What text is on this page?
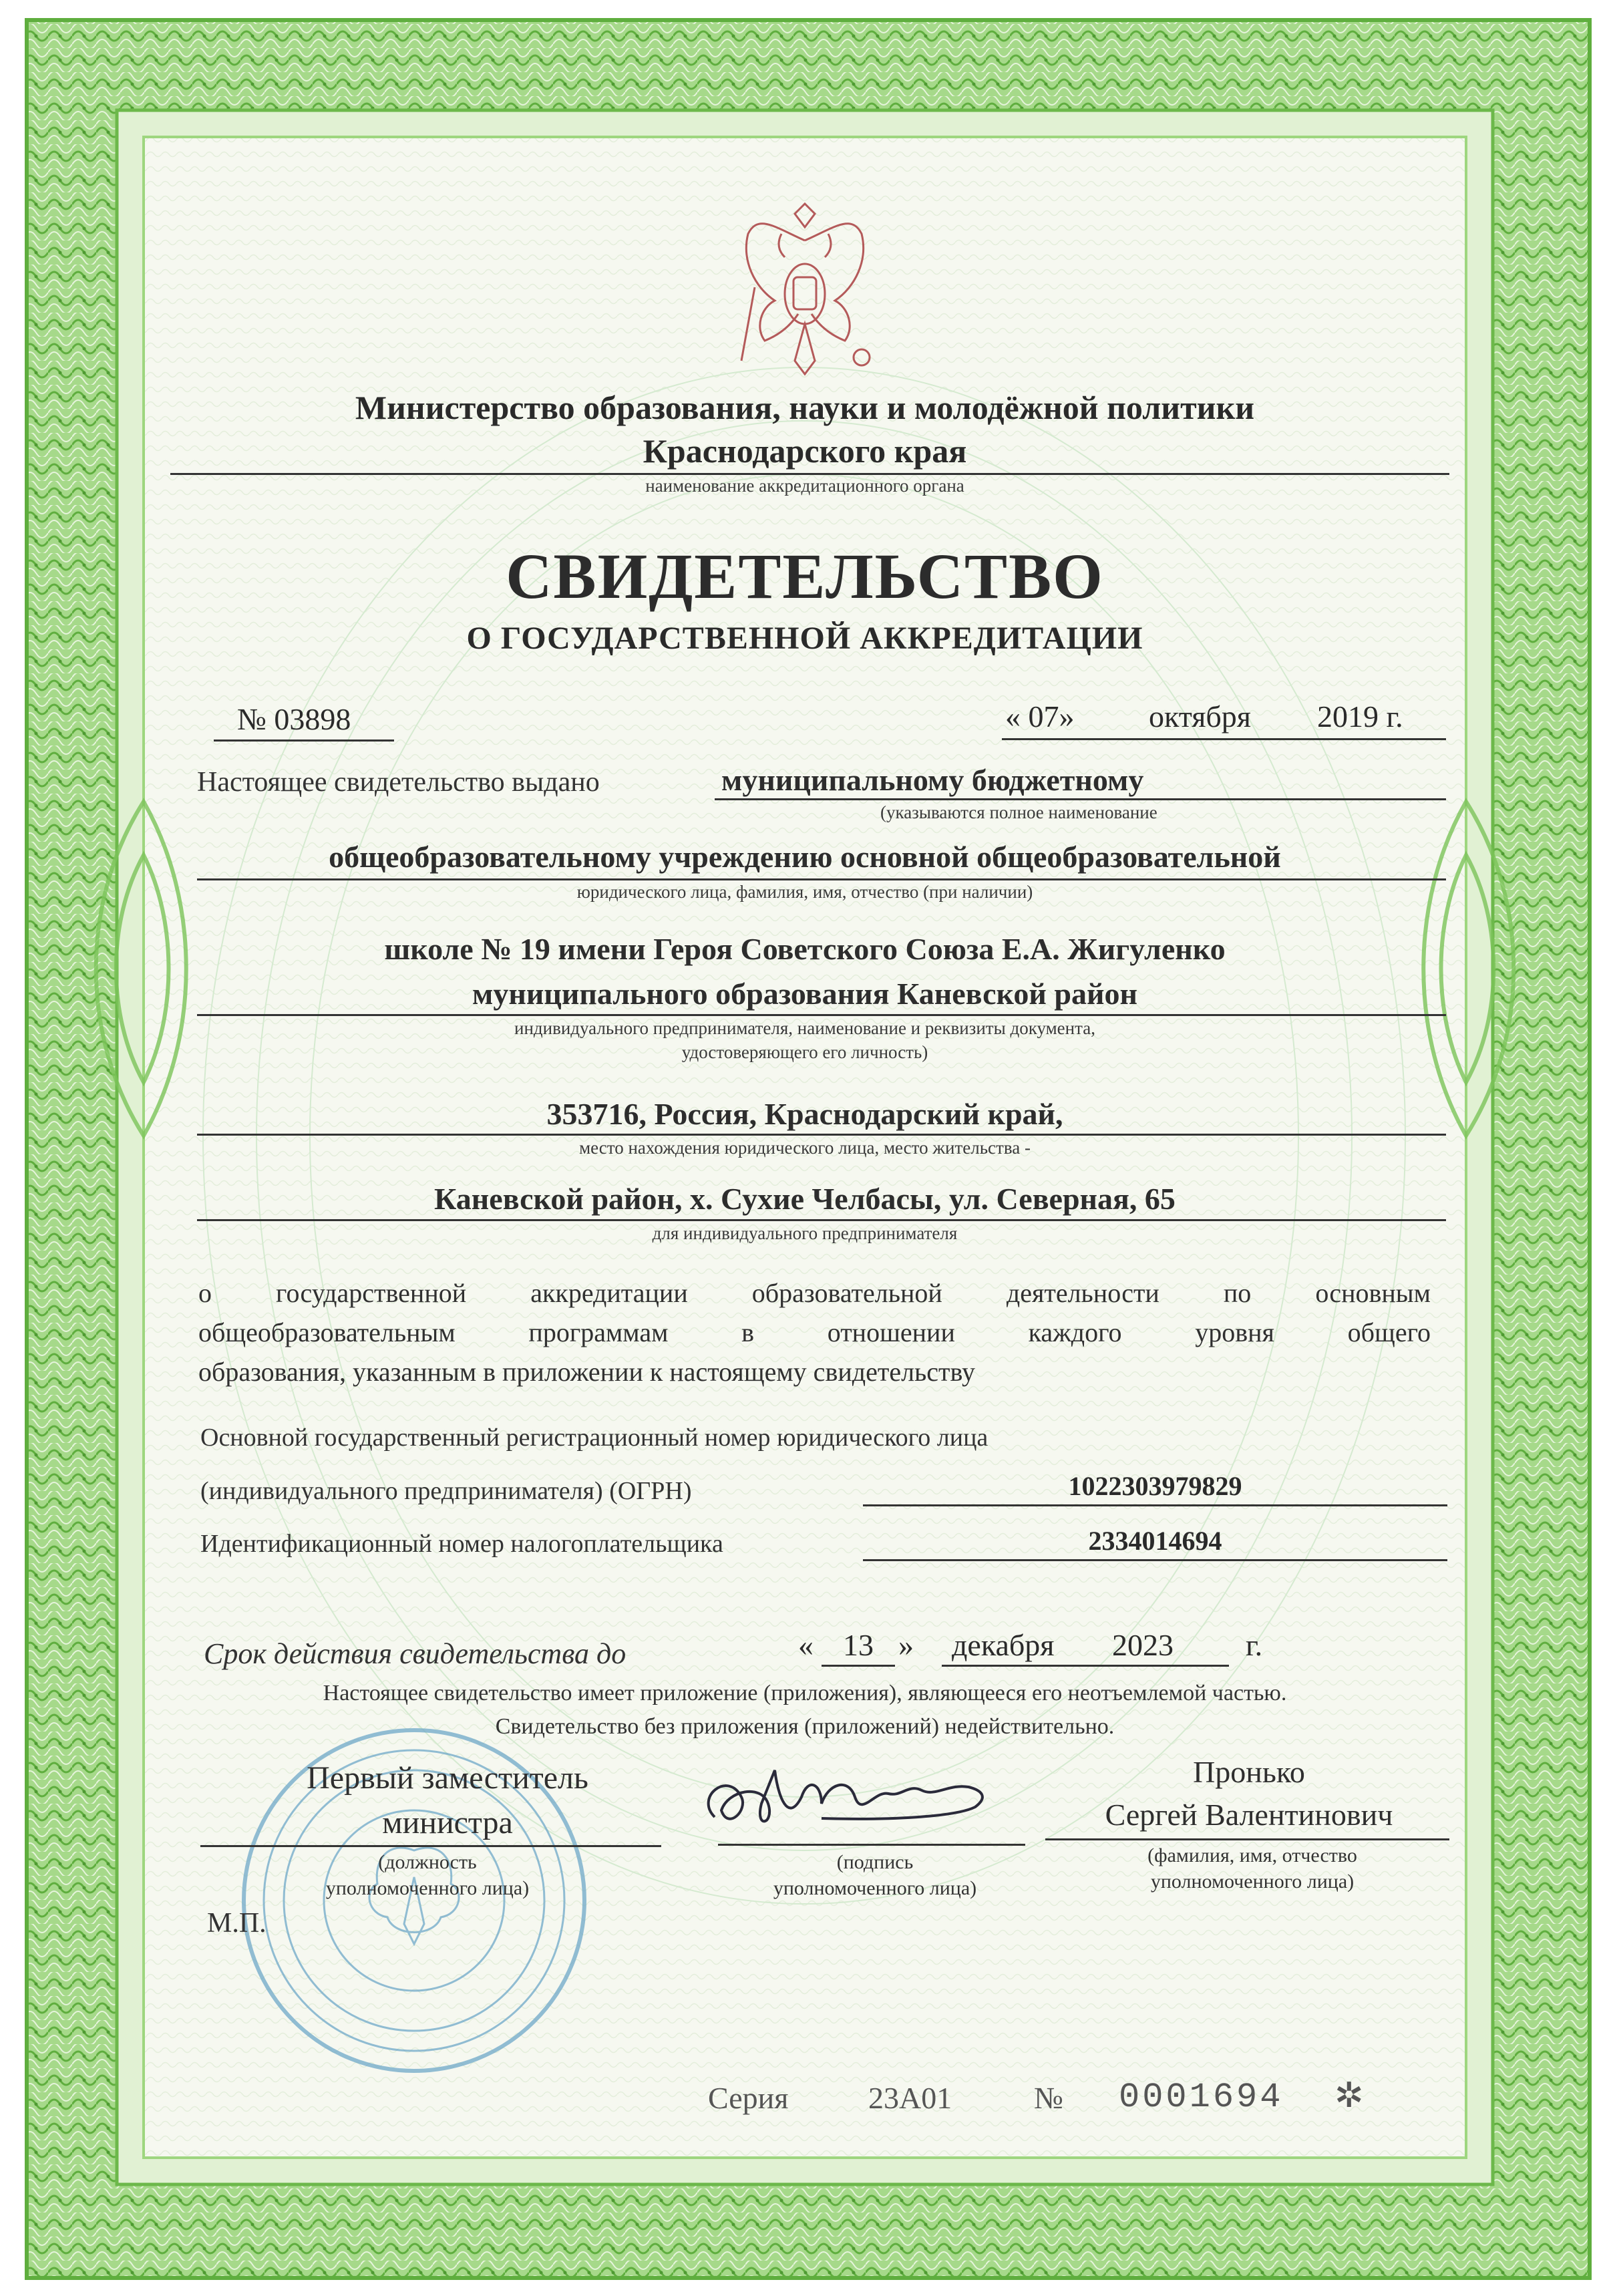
Министерство образования, науки и молодёжной политики
Краснодарского края
наименование аккредитационного органа
СВИДЕТЕЛЬСТВО
О ГОСУДАРСТВЕННОЙ АККРЕДИТАЦИИ
№ 03898	« 07» октября 2019 г.
Настоящее свидетельство выдано	муниципальному бюджетному
(указываются полное наименование
общеобразовательному учреждению основной общеобразовательной
юридического лица, фамилия, имя, отчество (при наличии)
школе № 19 имени Героя Советского Союза Е.А. Жигуленко
муниципального образования Каневской район
индивидуального предпринимателя, наименование и реквизиты документа,
удостоверяющего его личность)
353716, Россия, Краснодарский край,
место нахождения юридического лица, место жительства -
Каневской район, х. Сухие Челбасы, ул. Северная, 65
для индивидуального предпринимателя
о государственной аккредитации образовательной деятельности по основным
общеобразовательным программам в отношении каждого уровня общего
образования, указанным в приложении к настоящему свидетельству
Основной государственный регистрационный номер юридического лица
(индивидуального предпринимателя) (ОГРН)	1022303979829
Идентификационный номер налогоплательщика	2334014694
Срок действия свидетельства до	« 13 » декабря 2023 г.
Настоящее свидетельство имеет приложение (приложения), являющееся его неотъемлемой частью.
Свидетельство без приложения (приложений) недействительно.
Первый заместитель
министра
(должность
уполномоченного лица)
М.П.
(подпись
уполномоченного лица)
Пронько
Сергей Валентинович
(фамилия, имя, отчество
уполномоченного лица)
Серия	23А01	№ 0001694 ✲
